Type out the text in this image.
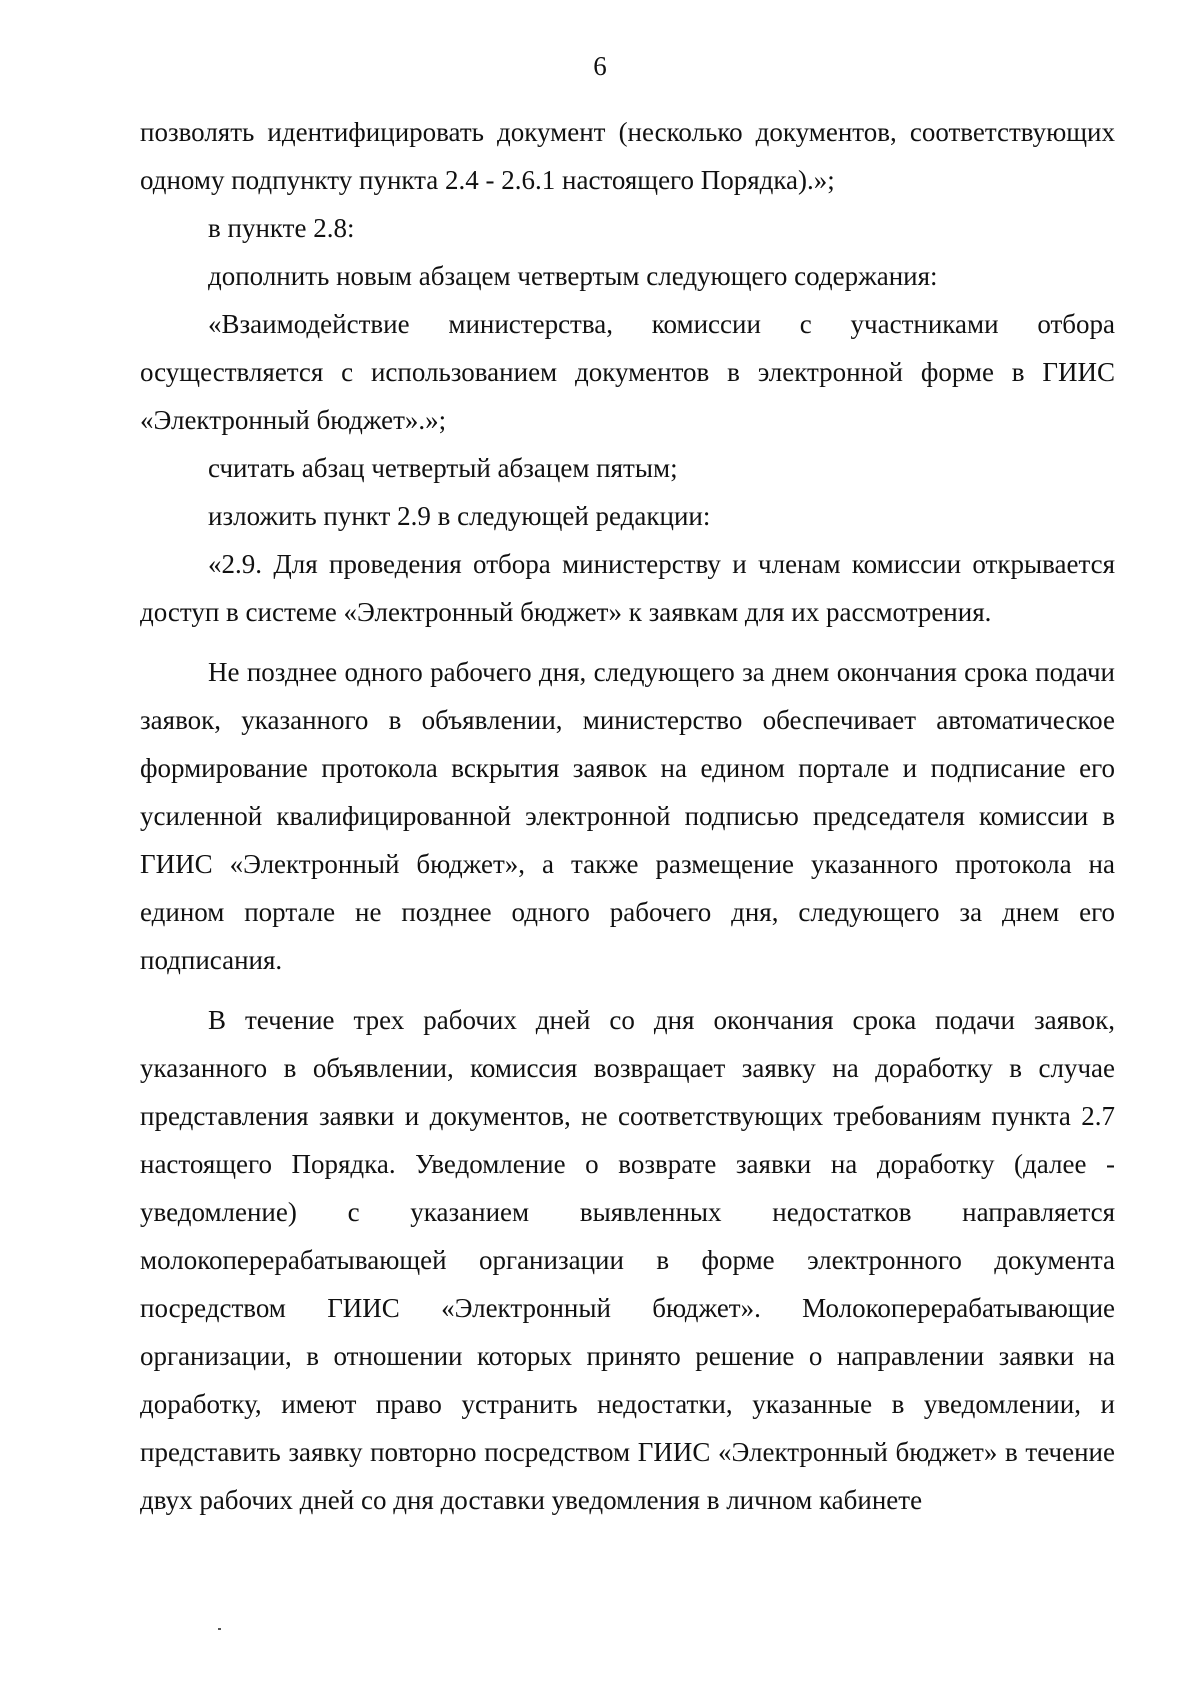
6

позволять идентифицировать документ (несколько документов, соответствующих одному подпункту пункта 2.4 - 2.6.1 настоящего Порядка).»;

в пункте 2.8:

дополнить новым абзацем четвертым следующего содержания:

«Взаимодействие министерства, комиссии с участниками отбора осуществляется с использованием документов в электронной форме в ГИИС «Электронный бюджет».»;

считать абзац четвертый абзацем пятым;

изложить пункт 2.9 в следующей редакции:

«2.9. Для проведения отбора министерству и членам комиссии открывается доступ в системе «Электронный бюджет» к заявкам для их рассмотрения.

Не позднее одного рабочего дня, следующего за днем окончания срока подачи заявок, указанного в объявлении, министерство обеспечивает автоматическое формирование протокола вскрытия заявок на едином портале и подписание его усиленной квалифицированной электронной подписью председателя комиссии в ГИИС «Электронный бюджет», а также размещение указанного протокола на едином портале не позднее одного рабочего дня, следующего за днем его подписания.

В течение трех рабочих дней со дня окончания срока подачи заявок, указанного в объявлении, комиссия возвращает заявку на доработку в случае представления заявки и документов, не соответствующих требованиям пункта 2.7 настоящего Порядка. Уведомление о возврате заявки на доработку (далее - уведомление) с указанием выявленных недостатков направляется молокоперерабатывающей организации в форме электронного документа посредством ГИИС «Электронный бюджет». Молокоперерабатывающие организации, в отношении которых принято решение о направлении заявки на доработку, имеют право устранить недостатки, указанные в уведомлении, и представить заявку повторно посредством ГИИС «Электронный бюджет» в течение двух рабочих дней со дня доставки уведомления в личном кабинете
